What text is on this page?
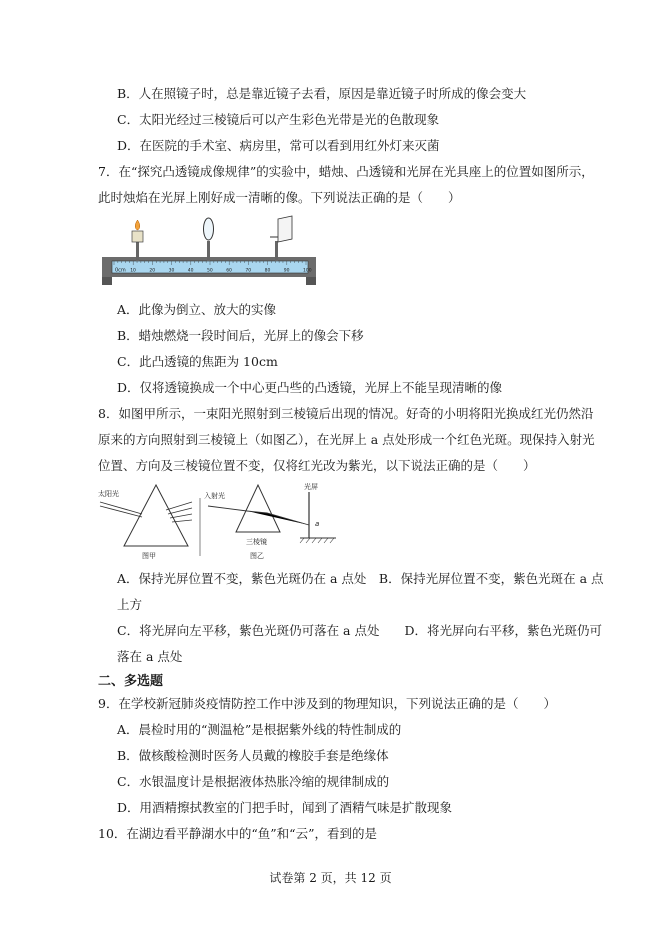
B．人在照镜子时，总是靠近镜子去看，原因是靠近镜子时所成的像会变大
C．太阳光经过三棱镜后可以产生彩色光带是光的色散现象
D．在医院的手术室、病房里，常可以看到用红外灯来灭菌
7．在“探究凸透镜成像规律”的实验中，蜡烛、凸透镜和光屏在光具座上的位置如图所示，
此时烛焰在光屏上刚好成一清晰的像。下列说法正确的是（　　）
0cm 10	20	30	40	50	60	70	80	90	100
A．此像为倒立、放大的实像
B．蜡烛燃烧一段时间后，光屏上的像会下移
C．此凸透镜的焦距为 10cm
D．仅将透镜换成一个中心更凸些的凸透镜，光屏上不能呈现清晰的像
8．如图甲所示，一束阳光照射到三棱镜后出现的情况。好奇的小明将阳光换成红光仍然沿
原来的方向照射到三棱镜上（如图乙），在光屏上 a 点处形成一个红色光斑。现保持入射光
位置、方向及三棱镜位置不变，仅将红光改为紫光，以下说法正确的是（　　）
太阳光
图甲
入射光
光屏
a
三棱镜
图乙
A．保持光屏位置不变，紫色光斑仍在 a 点处　B．保持光屏位置不变，紫色光斑在 a 点
上方
C．将光屏向左平移，紫色光斑仍可落在 a 点处　　D．将光屏向右平移，紫色光斑仍可
落在 a 点处
二、多选题
9．在学校新冠肺炎疫情防控工作中涉及到的物理知识，下列说法正确的是（　　）
A．晨检时用的“测温枪”是根据紫外线的特性制成的
B．做核酸检测时医务人员戴的橡胶手套是绝缘体
C．水银温度计是根据液体热胀冷缩的规律制成的
D．用酒精擦拭教室的门把手时，闻到了酒精气味是扩散现象
10．在湖边看平静湖水中的“鱼”和“云”，看到的是
试卷第 2 页，共 12 页
